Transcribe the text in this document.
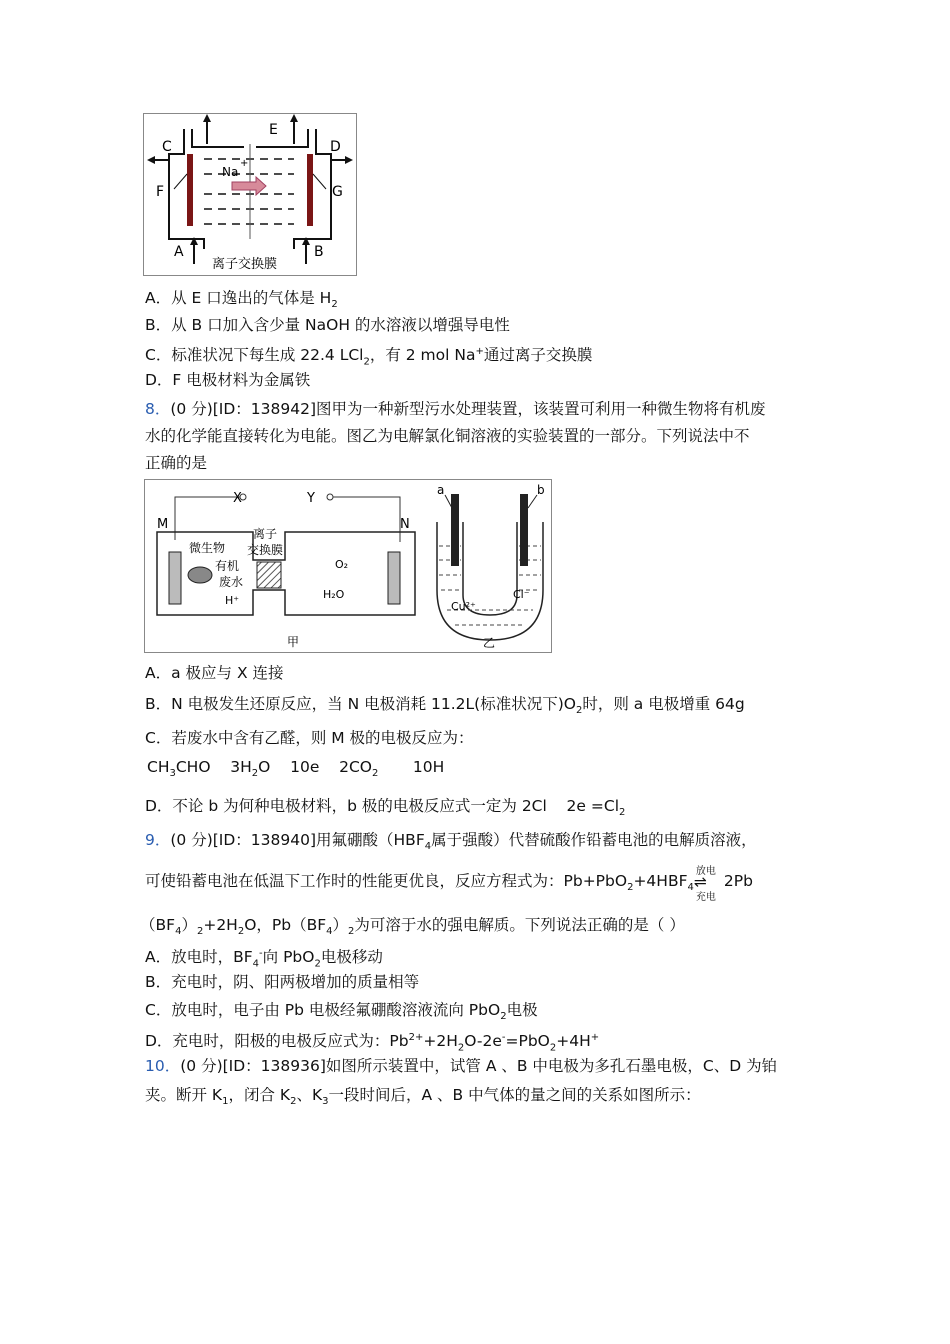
C
E
D
F	G
A	B
Na
+
离子交换膜
A．从 E 口逸出的气体是 $H_2$
B．从 B 口加入含少量 NaOH 的水溶液以增强导电性
C．标准状况下每生成 22.4 LCl$_2$，有 2 mol Na+通过离子交换膜
D．F 电极材料为金属铁
8．(0 分)[ID：138942]图甲为一种新型污水处理装置，该装置可利用一种微生物将有机废
水的化学能直接转化为电能。图乙为电解氯化铜溶液的实验装置的一部分。下列说法中不
正确的是
X	Y
M	N
离子
交换膜
微生物
有机
废水
H⁺
O₂
H₂O
甲	乙
a	b
Cu²⁺
Cl⁻
A．a 极应与 X 连接
B．N 电极发生还原反应，当 N 电极消耗 11.2L(标准状况下)$O_2$时，则 a 电极增重 64g
C．若废水中含有乙醛，则 M 极的电极反应为：
$CH_3CHO$ $3H_2O$ 10e $2CO_2$ 10H
D．不论 b 为何种电极材料，b 极的电极反应式一定为 2Cl $2e =Cl_2$
9．(0 分)[ID：138940]用氟硼酸（$HBF_4$属于强酸）代替硫酸作铅蓄电池的电解质溶液，
可使铅蓄电池在低温下工作时的性能更优良，反应方程式为：$Pb+PbO_2+4HBF_4$
放电
⇌
充电
2Pb
$(BF_4)_2+2H_2O$，$Pb(BF_4)_2$为可溶于水的强电解质。下列说法正确的是（ ）
A．放电时，$BF_4^-$向 PbO$_2$电极移动
B．充电时，阴、阳两极增加的质量相等
C．放电时，电子由 Pb 电极经氟硼酸溶液流向 PbO$_2$电极
D．充电时，阳极的电极反应式为：$Pb^{2+}+2H_2O-2e^-=PbO_2+4H^+$
10．(0 分)[ID：138936]如图所示装置中，试管 A 、B 中电极为多孔石墨电极，C、D 为铂
夹。断开 $K_1$，闭合 $K_2$、$K_3$一段时间后，A 、B 中气体的量之间的关系如图所示：
